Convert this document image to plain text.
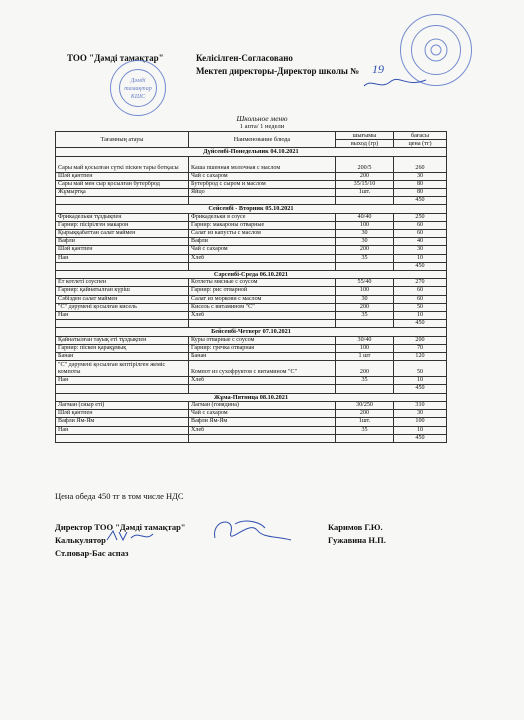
ТОО "Дәмді тамақтар"	Келісілген-Согласовано
Мектеп директоры-Директор школы № 19
Дәмді
тамақтар
КШС
Школьное меню
1 апта/ 1 недели
Тағамның атауы	Наименование блюда	шығымы	бағасы
		выход (гр)	цена (тг)
Дүйсенбі-Понедельник 04.10.2021			
Сары май қосылған сүткі піскен тары ботқасы	Каша пшенная молочная с маслом	200/5	260
Шәй қантпен	Чай с сахаром	200	30
Сары май мен сыр қосылған бутерброд	Бутерброд с сыром и маслом	35/15/10	80
Жұмыртқа	Яйцо	1шт.	80
			450
Сейсенбі - Вторник 05.10.2021			
Фрикадельки тұздықпен	Фрикадельки в соусе	40/40	250
Гарнир: пісірілген макарон	Гарнир: макароны отварные	100	60
Қырыққабаттан салат маймен	Салат из капусты с маслом	30	60
Вафли	Вафли	30	40
Шәй қантпен	Чай с сахаром	200	30
Нан	Хлеб	35	10
			450
Сәрсенбі-Среда 06.10.2021			
Ет котлеті соуспен	Котлеты мясные с соусом	55/40	270
Гарнир: қайнатылған күріш	Гарнир: рис отварной	100	60
Сәбізден салат маймен	Салат из моркови с маслом	30	60
"С" дәрумені қосылған кисель	Кисель с витамином "С"	200	50
Нан	Хлеб	35	10
			450
Бейсенбі-Четверг 07.10.2021			
Қайнатылған тауық еті тұздықпен	Куры отварные с соусом	30/40	200
Гарнир: піскен қарақұмық	Гарнир: гречка отварная	100	70
Банан	Банан	1 шт	120
"С" дәрумені қосылған кептірілген жеміс компоты	Компот из сухофруктов с витамином "С"	200	50
Нан	Хлеб	35	10
			450
Жұма-Пятница 08.10.2021			
Лагман (сиыр еті)	Лагман (говядина)	30/250	310
Шәй қантпен	Чай с сахаром	200	30
Вафли Ям-Ям	Вафли Ям-Ям	1шт.	100
Нан	Хлеб	35	10
			450
Цена обеда 450 тг в том числе НДС
Директор ТОО "Дәмді тамақтар"	Каримов Г.Ю.
Калькулятор	Гужавина Н.П.
Ст.повар-Бас аспаз
